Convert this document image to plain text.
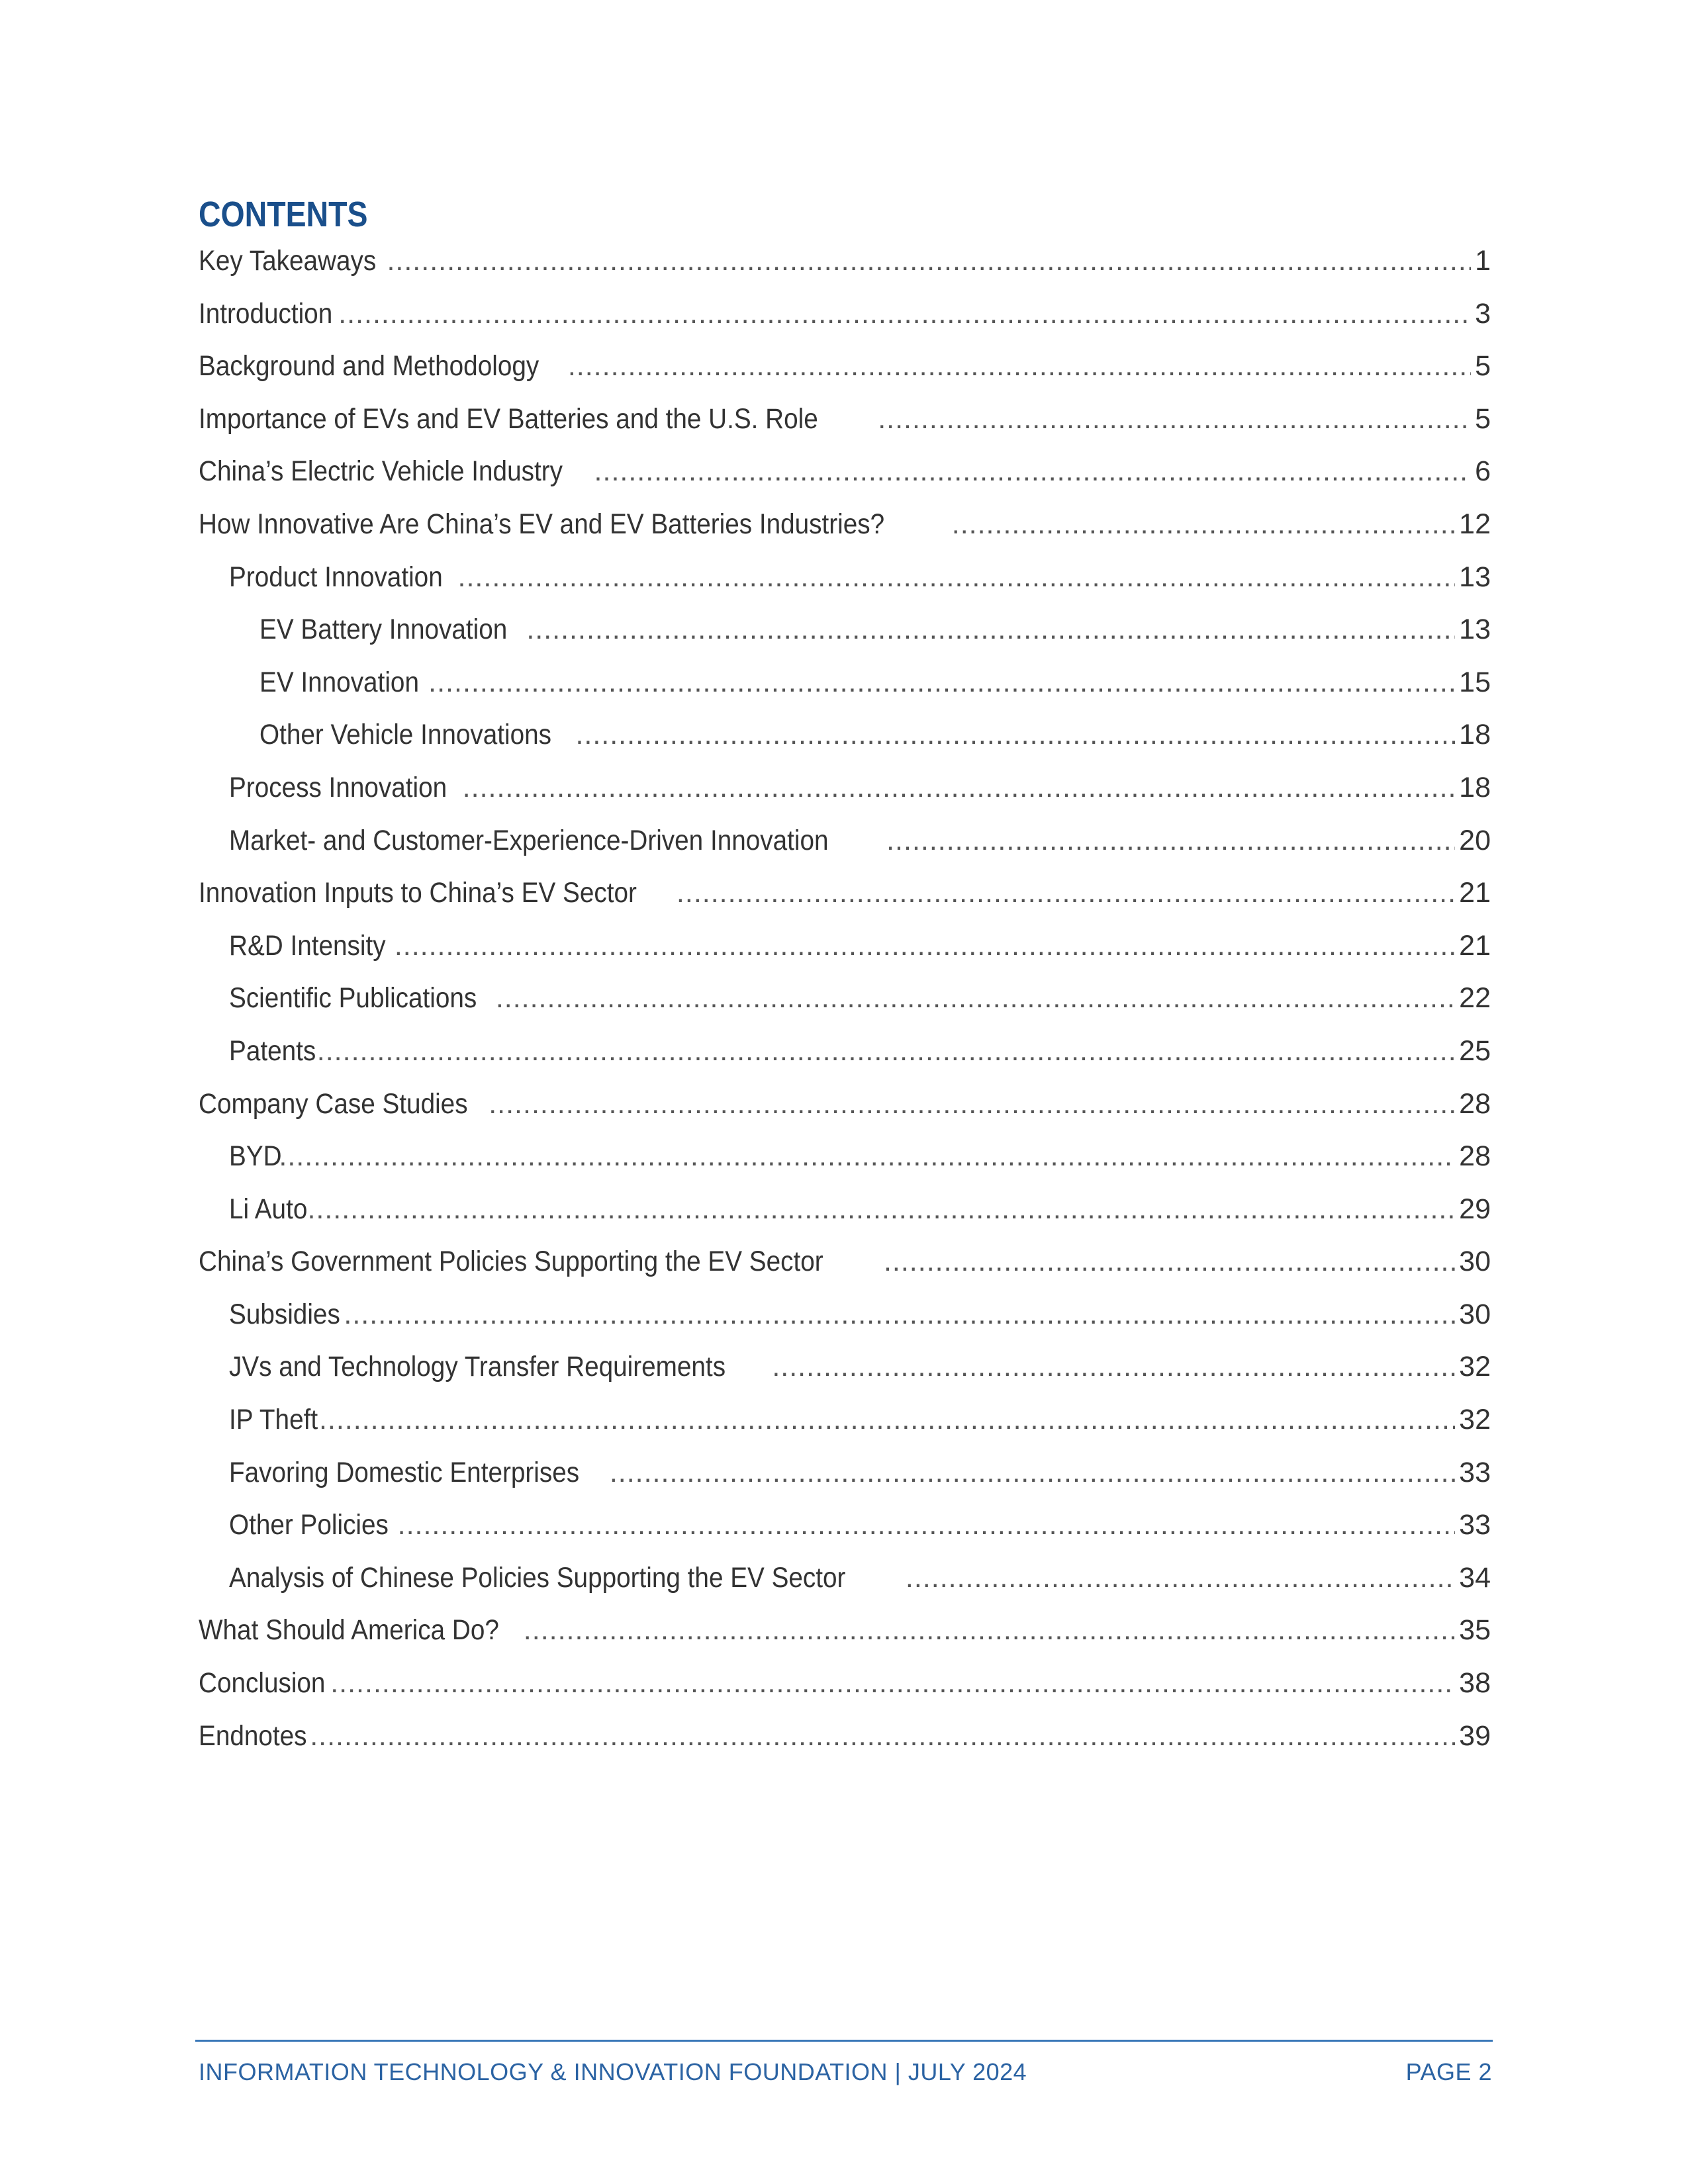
CONTENTS
Key Takeaways .....	1
Introduction .....	3
Background and Methodology .....	5
Importance of EVs and EV Batteries and the U.S. Role .....	5
China’s Electric Vehicle Industry .....	6
How Innovative Are China’s EV and EV Batteries Industries? .....	12
Product Innovation .....	13
EV Battery Innovation .....	13
EV Innovation .....	15
Other Vehicle Innovations .....	18
Process Innovation .....	18
Market- and Customer-Experience-Driven Innovation .....	20
Innovation Inputs to China’s EV Sector .....	21
R&D Intensity .....	21
Scientific Publications .....	22
Patents .....	25
Company Case Studies .....	28
BYD .....	28
Li Auto .....	29
China’s Government Policies Supporting the EV Sector .....	30
Subsidies .....	30
JVs and Technology Transfer Requirements .....	32
IP Theft .....	32
Favoring Domestic Enterprises .....	33
Other Policies .....	33
Analysis of Chinese Policies Supporting the EV Sector .....	34
What Should America Do? .....	35
Conclusion .....	38
Endnotes .....	39
INFORMATION TECHNOLOGY & INNOVATION FOUNDATION | JULY 2024	PAGE 2
